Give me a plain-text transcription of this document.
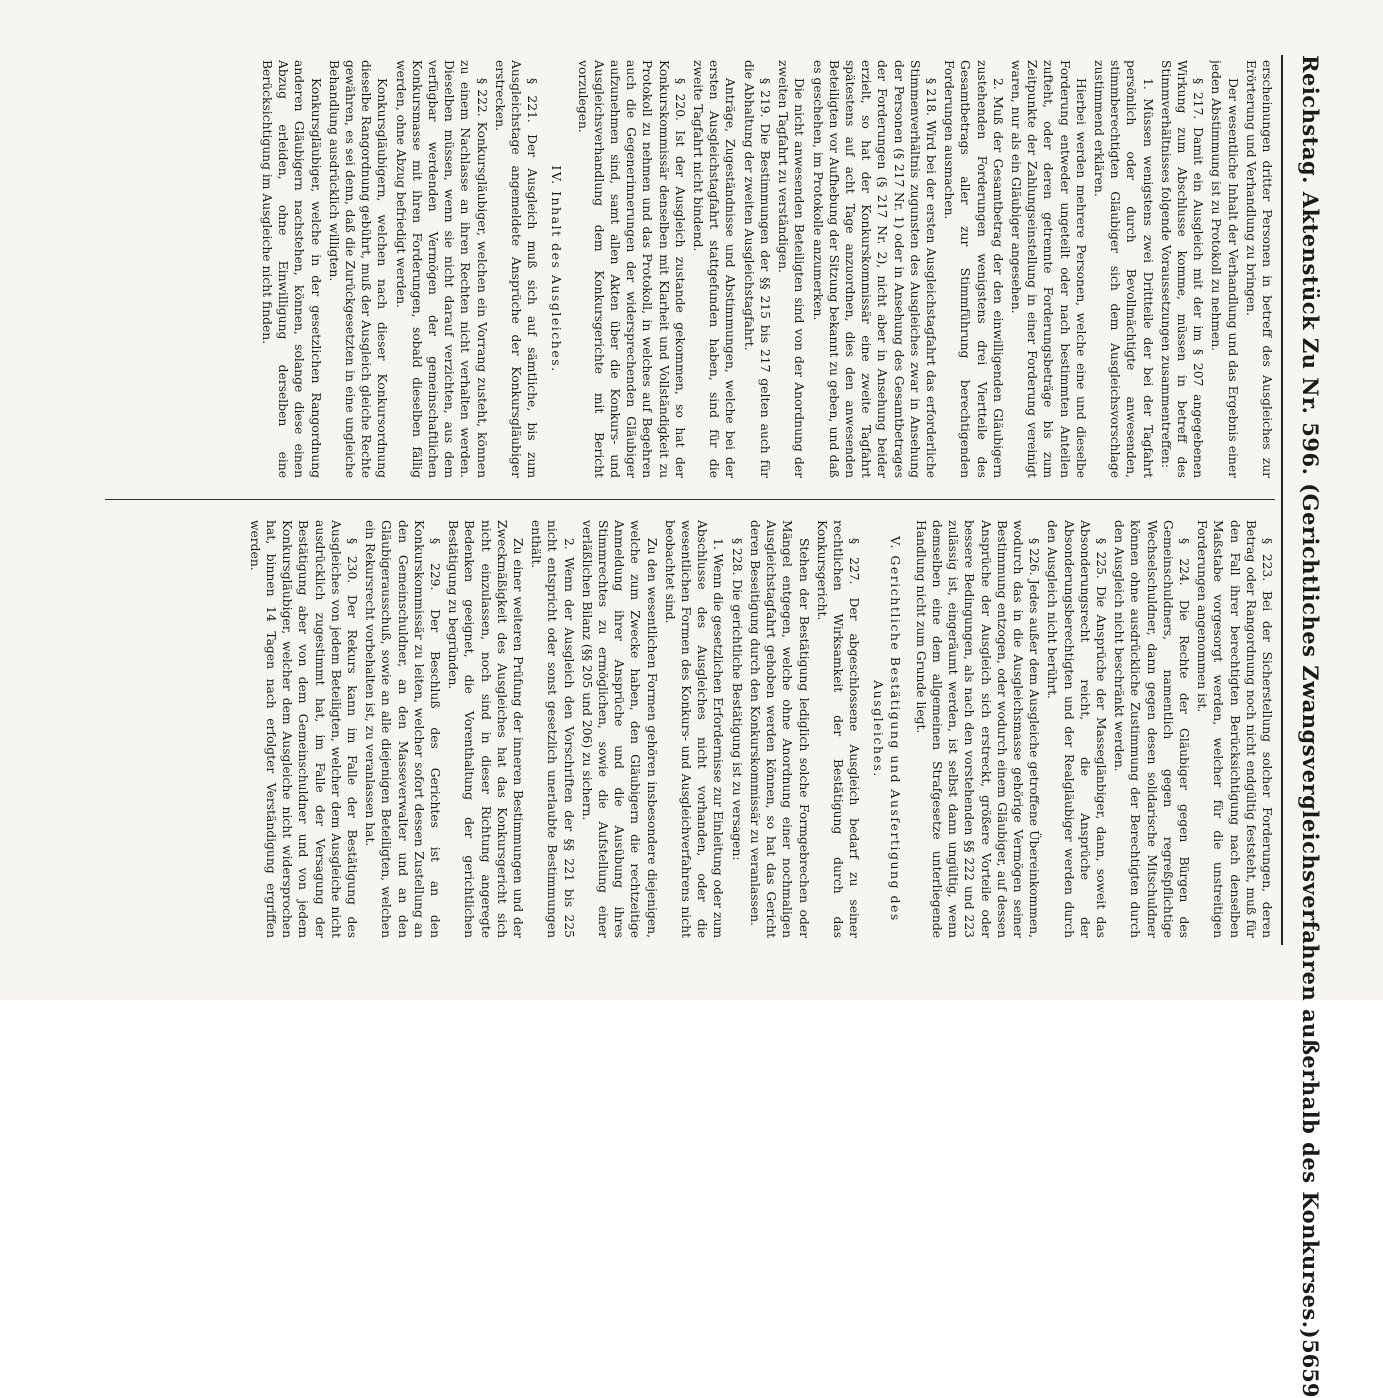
Reichstag. Aktenstück Zu Nr. 596. (Gerichtliches Zwangsvergleichsverfahren außerhalb des Konkurses.)
5659

erscheinungen dritter Personen in betreff des Ausgleiches zur Erörterung und Verhandlung zu bringen.

Der wesentliche Inhalt der Verhandlung und das Ergebnis einer jeden Abstimmung ist zu Protokoll zu nehmen.

§ 217. Damit ein Ausgleich mit der im § 207 angegebenen Wirkung zum Abschlusse komme, müssen in betreff des Stimmverhältnisses folgende Voraussetzungen zusammentreffen:

1. Müssen wenigstens zwei Drittteile der bei der Tagfahrt persönlich oder durch Bevollmächtigte anwesenden, stimmberechtigten Gläubiger sich dem Ausgleichsvorschlage zustimmend erklären.

Hierbei werden mehrere Personen, welche eine und dieselbe Forderung entweder ungeteilt oder nach bestimmten Anteilen zufteht, oder deren getrennte Forderungsbeträge bis zum Zeitpunkte der Zahlungseinstellung in einer Forderung vereinigt waren, nur als ein Gläubiger angesehen.

2. Muß der Gesamtbetrag der den einwilligenden Gläubigern zustehenden Forderungen wenigstens drei Viertteile des Gesamtbetrags aller zur Stimmführung berechtigenden Forderungen ausmachen.

§ 218. Wird bei der ersten Ausgleichstagfahrt das erforderliche Stimmenverhältnis zugunsten des Ausgleiches zwar in Ansehung der Personen (§ 217 Nr. 1) oder in Ansehung des Gesamtbetrages der Forderungen (§ 217 Nr. 2), nicht aber in Ansehung beider erzielt, so hat der Konkurskommissär eine zweite Tagfahrt spätestens auf acht Tage anzuordnen, dies den anwesenden Beteiligten vor Aufhebung der Sitzung bekannt zu geben, und daß es geschehen, im Protokolle anzumerken.

Die nicht anwesenden Beteiligten sind von der Anordnung der zweiten Tagfahrt zu verständigen.

§ 219. Die Bestimmungen der §§ 215 bis 217 gelten auch für die Abhaltung der zweiten Ausgleichstagfahrt.

Anträge, Zugeständnisse und Abstimmungen, welche bei der ersten Ausgleichstagfahrt stattgefunden haben, sind für die zweite Tagfahrt nicht bindend.

§ 220. Ist der Ausgleich zustande gekommen, so hat der Konkurskommissär denselben mit Klarheit und Vollständigkeit zu Protokoll zu nehmen und das Protokoll, in welches auf Begehren auch die Gegenerinnerungen der widersprechenden Gläubiger aufzunehmen sind, samt allen Akten über die Konkurs- und Ausgleichsverhandlung dem Konkursgerichte mit Bericht vorzulegen.

IV. Inhalt des Ausgleiches.

§ 221. Der Ausgleich muß sich auf sämtliche, bis zum Ausgleichstage angemeldete Ansprüche der Konkursgläubiger erstrecken.

§ 222. Konkursgläubiger, welchen ein Vorrang zusteht, können zu einem Nachlasse an ihren Rechten nicht verhalten werden. Dieselben müssen, wenn sie nicht darauf verzichten, aus dem verfügbar werdenden Vermögen der gemeinschaftlichen Konkursmasse mit ihren Forderungen, sobald dieselben fällig werden, ohne Abzug befriedigt werden.

Konkursgläubigern, welchen nach dieser Konkursordnung dieselbe Rangordnung gebührt, muß der Ausgleich gleiche Rechte gewähren, es sei denn, daß die Zurückgesetzten in eine ungleiche Behandlung ausdrücklich willigten.

Konkursgläubiger, welche in der gesetzlichen Rangordnung anderen Gläubigern nachstehen, können, solange diese einen Abzug erleiden, ohne Einwilligung derselben eine Berücksichtigung im Ausgleiche nicht finden.

§ 223. Bei der Sicherstellung solcher Forderungen, deren Betrag oder Rangordnung noch nicht endgültig feststeht, muß für den Fall ihrer berechtigten Berücksichtigung nach denselben Maßstabe vorgesorgt werden, welcher für die unstreitigen Forderungen angenommen ist.

§ 224. Die Rechte der Gläubiger gegen Bürgen des Gemeinschuldners, namentlich gegen regreßpflichtige Wechselschuldner, dann gegen desen solidarische Mitschuldner können ohne ausdrückliche Zustimmung der Berechtigten durch den Ausgleich nicht beschränkt werden.

§ 225. Die Ansprüche der Masseglänbiger, dann, soweit das Absonderungsrecht reicht, die Ansprüche der Absonderungsberechtigten und der Realgläubiger werden durch den Ausgleich nicht berührt.

§ 226. Jedes außer dem Ausgleiche getroffene Übereinkommen, wodurch das in die Ausgleichsmasse gehörige Vermögen seiner Bestimmung entzogen, oder wodurch einem Gläubiger, auf dessen Ansprüche der Ausgleich sich erstreckt, größere Vorteile oder bessere Bedingungen, als nach den vorstehenden §§ 222 und 223 zulässig ist, eingeräumt werden, ist selbst dann ungültig, wenn demselben eine dem allgemeinen Strafgesetze unterliegende Handlung nicht zum Grunde liegt.

V. Gerichtliche Bestätigung und Ausfertigung des Ausgleiches.

§ 227. Der abgeschlossene Ausgleich bedarf zu seiner rechtlichen Wirksamkeit der Bestätigung durch das Konkursgericht.

Stehen der Bestätigung lediglich solche Formgebrechen oder Mängel entgegen, welche ohne Anordnung einer nochmaligen Ausgleichstagfahrt gehoben werden können, so hat das Gericht deren Beseitigung durch den Konkurskommissär zu veranlassen.

§ 228. Die gerichtliche Bestätigung ist zu versagen:

1. Wenn die gesetzlichen Erfordernisse zur Einleitung oder zum Abschlusse des Ausgleiches nicht vorhanden, oder die wesentlichen Formen des Konkurs- und Ausgleichverfahrens nicht beobachtet sind.

Zu den wesentlichen Formen gehören insbesondere diejenigen, welche zum Zwecke haben, den Gläubigern die rechtzeitige Anmeldung ihrer Ansprüche und die Ausübung ihres Stimmrechtes zu ermöglichen, sowie die Aufstellung einer verläßlichen Bilanz (§§ 205 und 206) zu sichern.

2. Wenn der Ausgleich den Vorschriften der §§ 221 bis 225 nicht entspricht oder sonst gesetzlich unerlaubte Bestimmungen enthält.

Zu einer weiteren Prüfung der inneren Bestimmungen und der Zweckmäßigkeit des Ausgleiches hat das Konkursgericht sich nicht einzulassen, noch sind in dieser Richtung angeregte Bedenken geeignet, die Vorenthaltung der gerichtlichen Bestätigung zu begründen.

§ 229. Der Beschluß des Gerichtes ist an den Konkurskommissär zu leiten, welcher sofort dessen Zustellung an den Gemeinschuldner, an den Masseverwalter und an den Gläubigerausschuß, sowie an alle diejenigen Beteiligten, welchen ein Rekursrecht vorbehalten ist, zu veranlassen hat.

§ 230. Der Rekurs kann im Falle der Bestätigung des Ausgleiches von jedem Beteiligten, welcher dem Ausgleiche nicht ausdrücklich zugestimmt hat, im Falle der Versagung der Bestätigung aber von dem Gemeinschuldner und von jedem Konkursgläubiger, welcher dem Ausgleiche nicht widersprochen hat, binnen 14 Tagen nach erfolgter Verständigung ergriffen werden.
